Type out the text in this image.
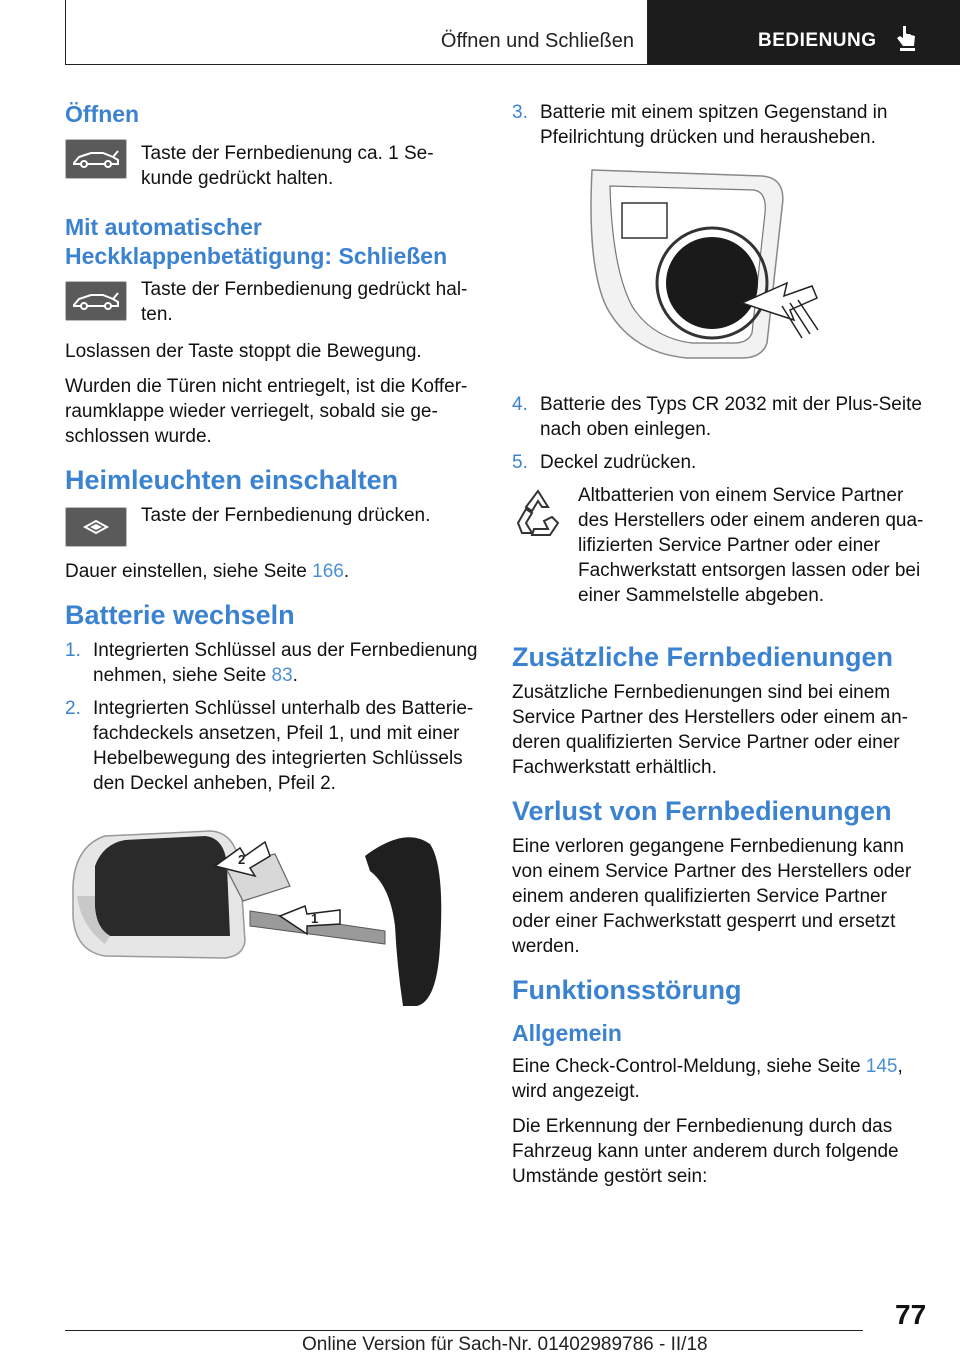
Öffnen und Schließen	BEDIENUNG
Öffnen

Taste der Fernbedienung ca. 1 Se-kunde gedrückt halten.

Mit automatischer Heckklappenbetätigung: Schließen

Taste der Fernbedienung gedrückt hal-ten.

Loslassen der Taste stoppt die Bewegung.

Wurden die Türen nicht entriegelt, ist die Koffer-raumklappe wieder verriegelt, sobald sie ge-schlossen wurde.

Heimleuchten einschalten

Taste der Fernbedienung drücken.

Dauer einstellen, siehe Seite 166.

Batterie wechseln
1. Integrierten Schlüssel aus der Fernbedienung nehmen, siehe Seite 83.
2. Integrierten Schlüssel unterhalb des Batterie-fachdeckels ansetzen, Pfeil 1, und mit einer Hebelbewegung des integrierten Schlüssels den Deckel anheben, Pfeil 2.
2
1
3. Batterie mit einem spitzen Gegenstand in Pfeilrichtung drücken und herausheben.
4. Batterie des Typs CR 2032 mit der Plus-Seite nach oben einlegen.
5. Deckel zudrücken.

Altbatterien von einem Service Partner des Herstellers oder einem anderen qua-lifizierten Service Partner oder einer Fachwerkstatt entsorgen lassen oder bei einer Sammelstelle abgeben.

Zusätzliche Fernbedienungen

Zusätzliche Fernbedienungen sind bei einem Service Partner des Herstellers oder einem an-deren qualifizierten Service Partner oder einer Fachwerkstatt erhältlich.

Verlust von Fernbedienungen

Eine verloren gegangene Fernbedienung kann von einem Service Partner des Herstellers oder einem anderen qualifizierten Service Partner oder einer Fachwerkstatt gesperrt und ersetzt werden.

Funktionsstörung
Allgemein

Eine Check-Control-Meldung, siehe Seite 145, wird angezeigt.

Die Erkennung der Fernbedienung durch das Fahrzeug kann unter anderem durch folgende Umstände gestört sein:

77
Online Version für Sach-Nr. 01402989786 - II/18
